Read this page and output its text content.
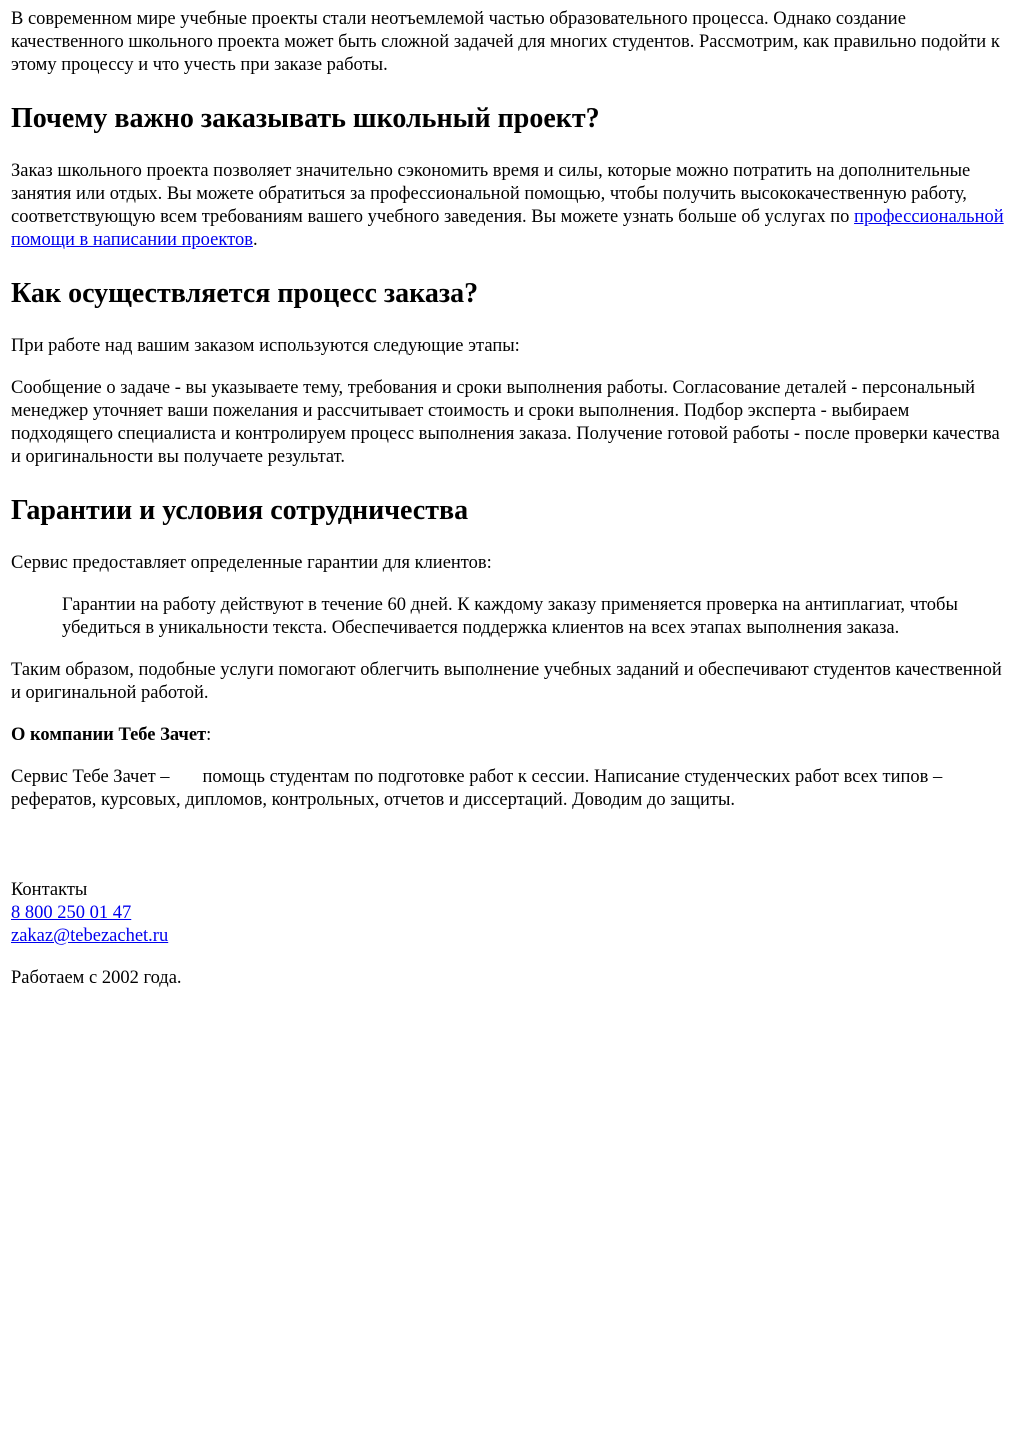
В современном мире учебные проекты стали неотъемлемой частью образовательного процесса. Однако создание качественного школьного проекта может быть сложной задачей для многих студентов. Рассмотрим, как правильно подойти к этому процессу и что учесть при заказе работы.

Почему важно заказывать школьный проект?

Заказ школьного проекта позволяет значительно сэкономить время и силы, которые можно потратить на дополнительные занятия или отдых. Вы можете обратиться за профессиональной помощью, чтобы получить высококачественную работу, соответствующую всем требованиям вашего учебного заведения. Вы можете узнать больше об услугах по профессиональной помощи в написании проектов.

Как осуществляется процесс заказа?

При работе над вашим заказом используются следующие этапы:

Сообщение о задаче - вы указываете тему, требования и сроки выполнения работы. Согласование деталей - персональный менеджер уточняет ваши пожелания и рассчитывает стоимость и сроки выполнения. Подбор эксперта - выбираем подходящего специалиста и контролируем процесс выполнения заказа. Получение готовой работы - после проверки качества и оригинальности вы получаете результат.

Гарантии и условия сотрудничества

Сервис предоставляет определенные гарантии для клиентов:

Гарантии на работу действуют в течение 60 дней. К каждому заказу применяется проверка на антиплагиат, чтобы убедиться в уникальности текста. Обеспечивается поддержка клиентов на всех этапах выполнения заказа.

Таким образом, подобные услуги помогают облегчить выполнение учебных заданий и обеспечивают студентов качественной и оригинальной работой.

О компании Тебе Зачет:

Сервис Тебе Зачет – помощь студентам по подготовке работ к сессии. Написание студенческих работ всех типов – рефератов, курсовых, дипломов, контрольных, отчетов и диссертаций. Доводим до защиты.

Контакты
8 800 250 01 47
zakaz@tebezachet.ru

Работаем с 2002 года.
